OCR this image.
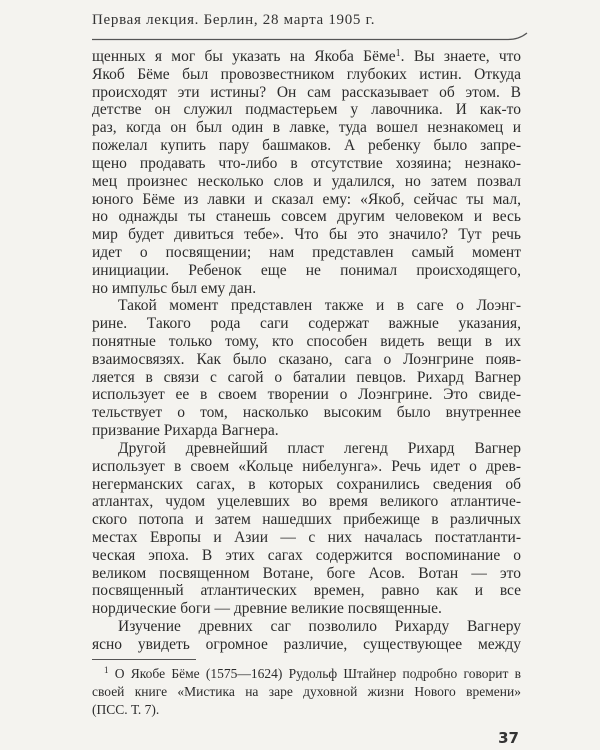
Первая лекция. Берлин, 28 марта 1905 г.
щенных я мог бы указать на Якоба Бёме$^1$. Вы знаете, что
Якоб Бёме был провозвестником глубоких истин. Откуда
происходят эти истины? Он сам рассказывает об этом. В
детстве он служил подмастерьем у лавочника. И как-то
раз, когда он был один в лавке, туда вошел незнакомец и
пожелал купить пару башмаков. А ребенку было запре-
щено продавать что-либо в отсутствие хозяина; незнако-
мец произнес несколько слов и удалился, но затем позвал
юного Бёме из лавки и сказал ему: «Якоб, сейчас ты мал,
но однажды ты станешь совсем другим человеком и весь
мир будет дивиться тебе». Что бы это значило? Тут речь
идет о посвящении; нам представлен самый момент
инициации. Ребенок еще не понимал происходящего,
но импульс был ему дан.
Такой момент представлен также и в саге о Лоэнг-
рине. Такого рода саги содержат важные указания,
понятные только тому, кто способен видеть вещи в их
взаимосвязях. Как было сказано, сага о Лоэнгрине появ-
ляется в связи с сагой о баталии певцов. Рихард Вагнер
использует ее в своем творении о Лоэнгрине. Это свиде-
тельствует о том, насколько высоким было внутреннее
призвание Рихарда Вагнера.
Другой древнейший пласт легенд Рихард Вагнер
использует в своем «Кольце нибелунга». Речь идет о древ-
негерманских сагах, в которых сохранились сведения об
атлантах, чудом уцелевших во время великого атлантиче-
ского потопа и затем нашедших прибежище в различных
местах Европы и Азии — с них началась постатланти-
ческая эпоха. В этих сагах содержится воспоминание о
великом посвященном Вотане, боге Асов. Вотан — это
посвященный атлантических времен, равно как и все
нордические боги — древние великие посвященные.
Изучение древних саг позволило Рихарду Вагнеру
ясно увидеть огромное различие, существующее между
$^1$ О Якобе Бёме (1575—1624) Рудольф Штайнер подробно говорит в
своей книге «Мистика на заре духовной жизни Нового времени»
(ПСС. Т. 7).
37
